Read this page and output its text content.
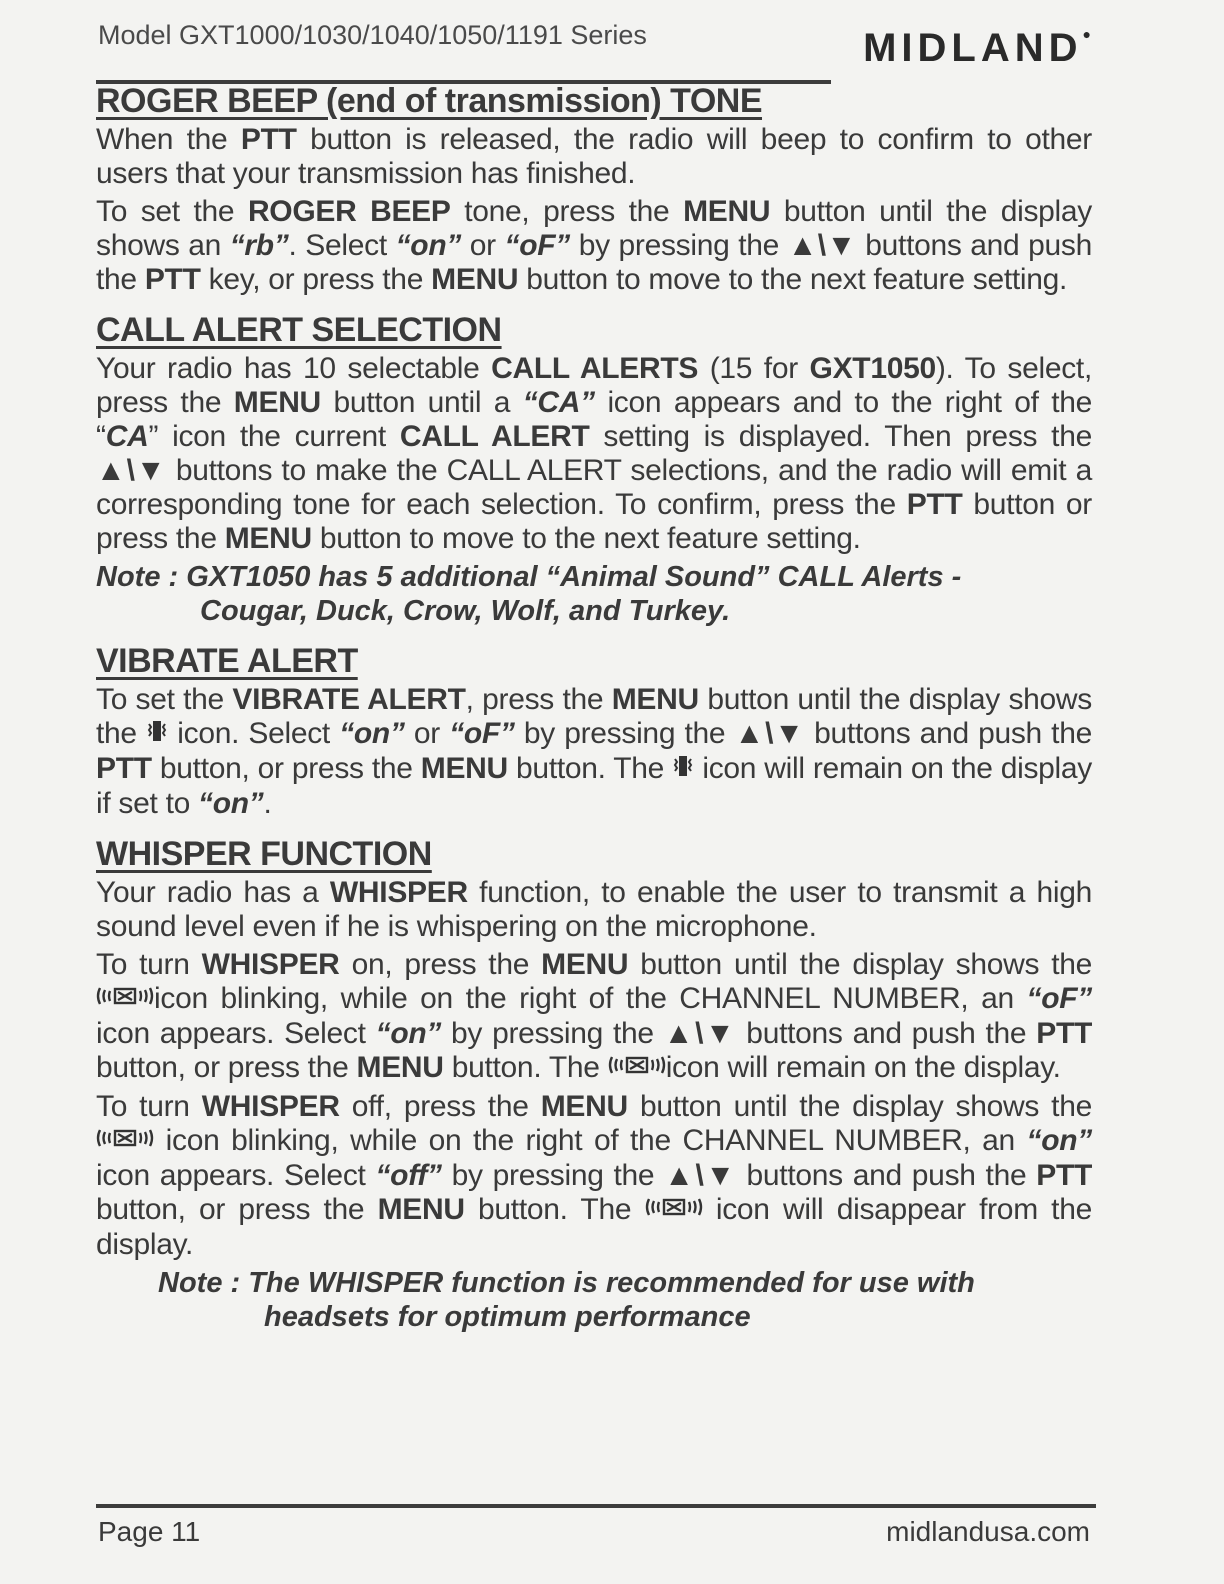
Model GXT1000/1030/1040/1050/1191 Series	MIDLAND●
ROGER BEEP (end of transmission) TONE

When the PTT button is released, the radio will beep to confirm to other users that your transmission has finished.

To set the ROGER BEEP tone, press the MENU button until the display shows an “rb”. Select “on” or “oF” by pressing the ▲\▼ buttons and push the PTT key, or press the MENU button to move to the next feature setting.

CALL ALERT SELECTION

Your radio has 10 selectable CALL ALERTS (15 for GXT1050). To select, press the MENU button until a “CA” icon appears and to the right of the “CA” icon the current CALL ALERT setting is displayed. Then press the ▲\▼ buttons to make the CALL ALERT selections, and the radio will emit a corresponding tone for each selection. To confirm, press the PTT button or press the MENU button to move to the next feature setting.

Note : GXT1050 has 5 additional “Animal Sound” CALL Alerts -
Cougar, Duck, Crow, Wolf, and Turkey.
VIBRATE ALERT

To set the VIBRATE ALERT, press the MENU button until the display shows the  icon. Select “on” or “oF” by pressing the ▲\▼ buttons and push the PTT button, or press the MENU button. The  icon will remain on the display if set to “on”.

WHISPER FUNCTION

Your radio has a WHISPER function, to enable the user to transmit a high sound level even if he is whispering on the microphone.

To turn WHISPER on, press the MENU button until the display shows the icon blinking, while on the right of the CHANNEL NUMBER, an “oF” icon appears. Select “on” by pressing the ▲\▼ buttons and push the PTT button, or press the MENU button. The icon will remain on the display.

To turn WHISPER off, press the MENU button until the display shows the  icon blinking, while on the right of the CHANNEL NUMBER, an “on” icon appears. Select “off” by pressing the ▲\▼ buttons and push the PTT button, or press the MENU button. The  icon will disappear from the display.

Note : The WHISPER function is recommended for use with
headsets for optimum performance
Page 11	midlandusa.com
